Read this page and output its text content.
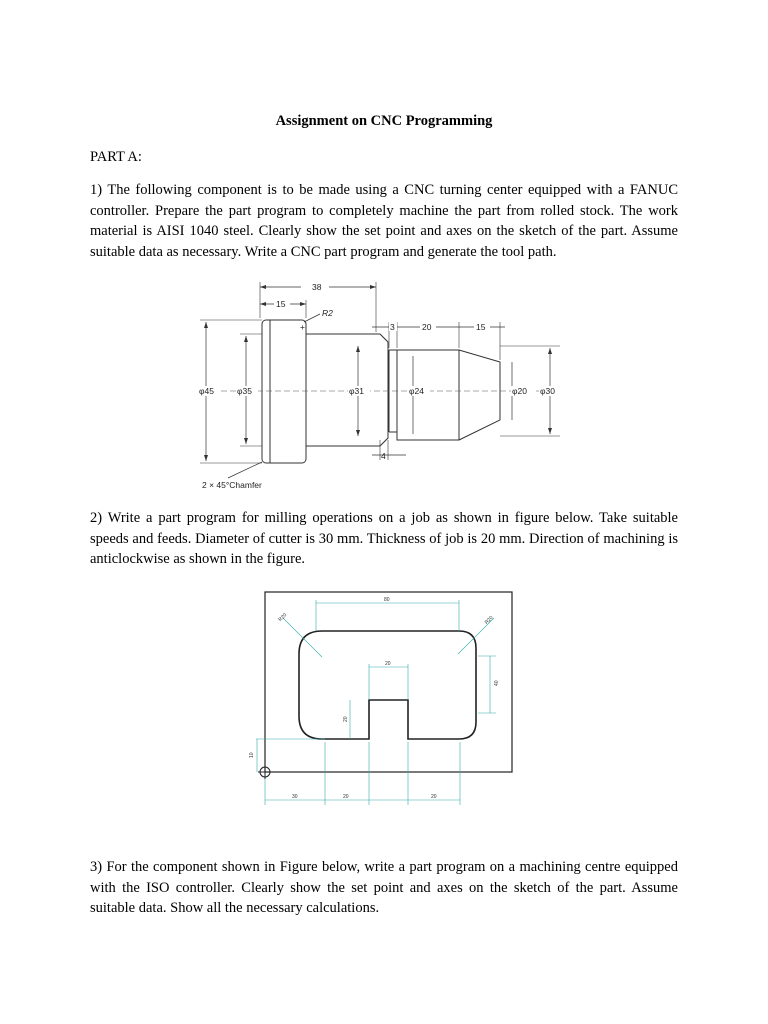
Assignment on CNC Programming
PART A:
1) The following component is to be made using a CNC turning center equipped with a FANUC controller. Prepare the part program to completely machine the part from rolled stock. The work material is AISI 1040 steel. Clearly show the set point and axes on the sketch of the part. Assume suitable data as necessary. Write a CNC part program and generate the tool path.
+
38
15
R2
3	20	15
φ45	φ35	φ31	φ24	φ20 φ30
4
2 × 45°Chamfer
2) Write a part program for milling operations on a job as shown in figure below. Take suitable speeds and feeds. Diameter of cutter is 30 mm. Thickness of job is 20 mm. Direction of machining is anticlockwise as shown in the figure.
80
R20	R20
20
40
20
10
30	20	20
3) For the component shown in Figure below, write a part program on a machining centre equipped with the ISO controller. Clearly show the set point and axes on the sketch of the part. Assume suitable data. Show all the necessary calculations.
